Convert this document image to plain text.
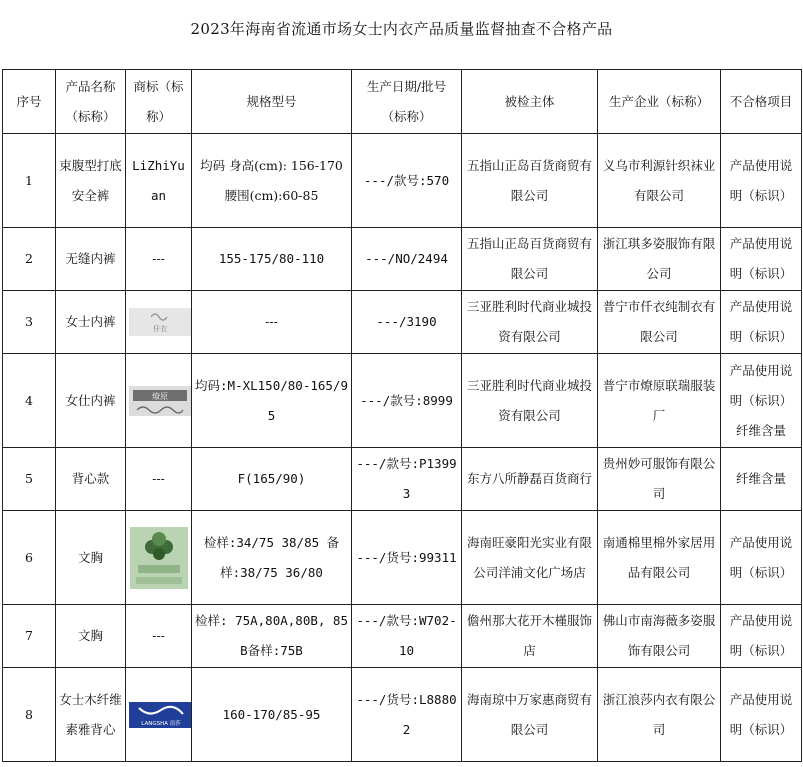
2023年海南省流通市场女士内衣产品质量监督抽查不合格产品
序号	产品名称（标称）	商标（标称）	规格型号	生产日期/批号（标称）	被检主体	生产企业（标称）	不合格项目
1	束腹型打底安全裤	LiZhiYuan	均码 身高(cm): 156-170腰围(cm):60-85	---/款号:570	五指山正岛百货商贸有限公司	义乌市利源针织袜业有限公司	产品使用说明（标识）
2	无缝内裤	---	155-175/80-110	---/NO/2494	五指山正岛百货商贸有限公司	浙江琪多姿服饰有限公司	产品使用说明（标识）
3	女士内裤	仟衣	---	---/3190	三亚胜利时代商业城投资有限公司	普宁市仟衣纯制衣有限公司	产品使用说明（标识）
4	女仕内裤	燎原	均码:M-XL150/80-165/95	---/款号:8999	三亚胜利时代商业城投资有限公司	普宁市燎原联瑞服装厂	产品使用说明（标识）纤维含量
5	背心款	---	F(165/90)	---/款号:P13993	东方八所静磊百货商行	贵州妙可服饰有限公司	纤维含量
6	文胸		检样:34/75 38/85 备样:38/75 36/80	---/货号:99311	海南旺豪阳光实业有限公司洋浦文化广场店	南通棉里棉外家居用品有限公司	产品使用说明（标识）
7	文胸	---	检样: 75A,80A,80B, 85B备样:75B	---/款号:W702-10	儋州那大花开木槿服饰店	佛山市南海薇多姿服饰有限公司	产品使用说明（标识）
8	女士木纤维素雅背心	LANGSHA 浪莎	160-170/85-95	---/货号:L88802	海南琼中万家惠商贸有限公司	浙江浪莎内衣有限公司	产品使用说明（标识）
